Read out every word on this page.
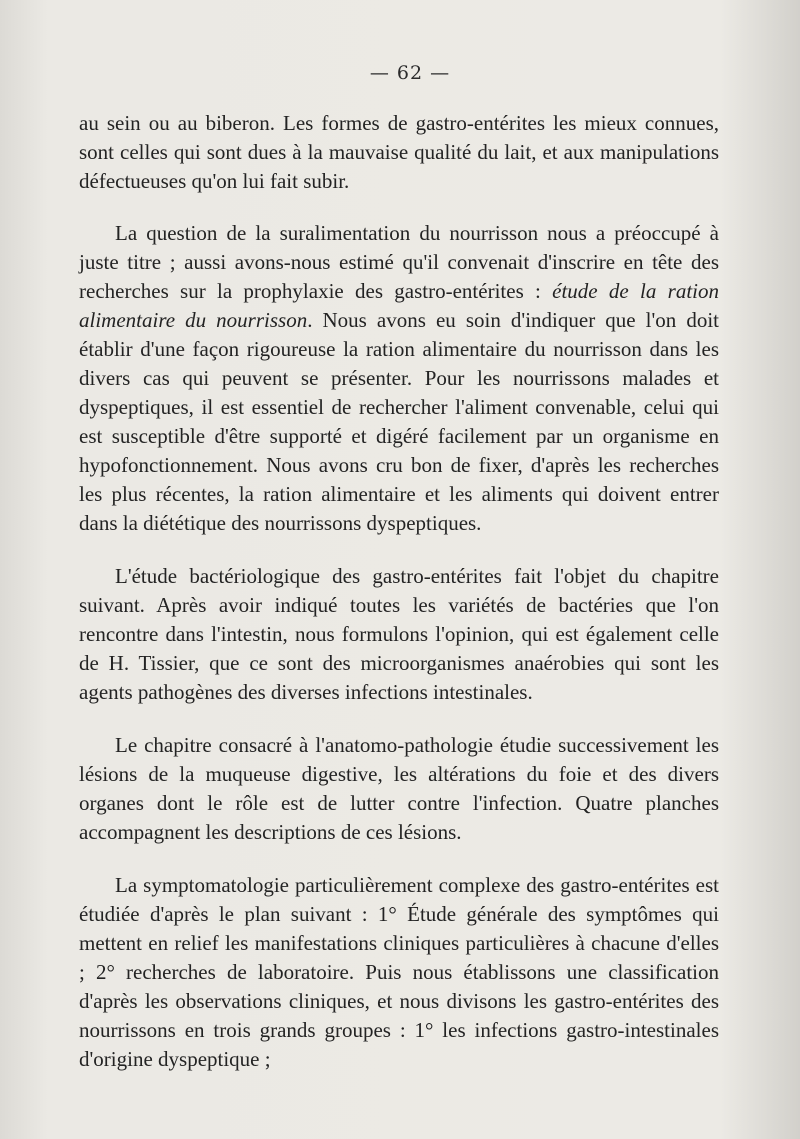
— 62 —

au sein ou au biberon. Les formes de gastro-entérites les mieux connues, sont celles qui sont dues à la mauvaise qualité du lait, et aux manipulations défectueuses qu'on lui fait subir.

La question de la suralimentation du nourrisson nous a préoccupé à juste titre ; aussi avons-nous estimé qu'il convenait d'inscrire en tête des recherches sur la prophylaxie des gastro-entérites : étude de la ration alimentaire du nourrisson. Nous avons eu soin d'indiquer que l'on doit établir d'une façon rigoureuse la ration alimentaire du nourrisson dans les divers cas qui peuvent se présenter. Pour les nourrissons malades et dyspeptiques, il est essentiel de rechercher l'aliment convenable, celui qui est susceptible d'être supporté et digéré facilement par un organisme en hypofonctionnement. Nous avons cru bon de fixer, d'après les recherches les plus récentes, la ration alimentaire et les aliments qui doivent entrer dans la diététique des nourrissons dyspeptiques.

L'étude bactériologique des gastro-entérites fait l'objet du chapitre suivant. Après avoir indiqué toutes les variétés de bactéries que l'on rencontre dans l'intestin, nous formulons l'opinion, qui est également celle de H. Tissier, que ce sont des microorganismes anaérobies qui sont les agents pathogènes des diverses infections intestinales.

Le chapitre consacré à l'anatomo-pathologie étudie successivement les lésions de la muqueuse digestive, les altérations du foie et des divers organes dont le rôle est de lutter contre l'infection. Quatre planches accompagnent les descriptions de ces lésions.

La symptomatologie particulièrement complexe des gastro-entérites est étudiée d'après le plan suivant : 1° Étude générale des symptômes qui mettent en relief les manifestations cliniques particulières à chacune d'elles ; 2° recherches de laboratoire. Puis nous établissons une classification d'après les observations cliniques, et nous divisons les gastro-entérites des nourrissons en trois grands groupes : 1° les infections gastro-intestinales d'origine dyspeptique ;
